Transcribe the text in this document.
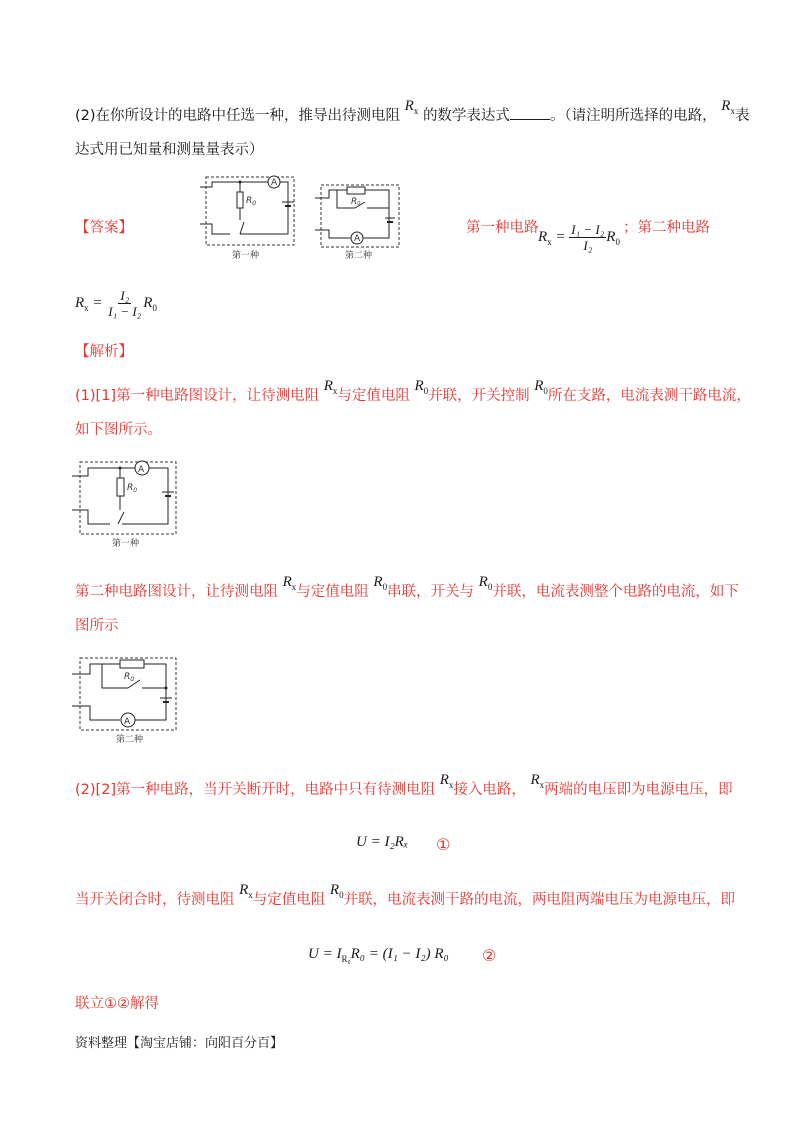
(2)在你所设计的电路中任选一种，推导出待测电阻 $R_x$ 的数学表达式	。（请注明所选择的电路， $R_x$表
达式用已知量和测量量表示）
【答案】
A
$R_0$
第一种
R0
A
第二种
第一种电路
$R_x = \frac{\text{I₁ − I₂}}{\text{I₂}} R_0$
；第二种电路
$R_x = \frac{\text{I₂}}{\text{I₁ − I₂}} R_0$
【解析】
(1)[1]第一种电路图设计，让待测电阻 $R_x$与定值电阻 $R_0$并联，开关控制 $R_0$所在支路，电流表测干路电流，
如下图所示。
A
$R_0$
第一种
第二种电路图设计，让待测电阻 $R_x$与定值电阻 $R_0$串联，开关与 $R_0$并联，电流表测整个电路的电流，如下
图所示
$R_0$
A
第二种
(2)[2]第一种电路，当开关断开时，电路中只有待测电阻 $R_x$接入电路， $R_x$两端的电压即为电源电压，即
U = I₂Rₓ ①
当开关闭合时，待测电阻 $R_x$与定值电阻 $R_0$并联，电流表测干路的电流，两电阻两端电压为电源电压，即
$U = I_{R_0}R_0 = (I_1 - I_2)$ R₀ ②
联立①②解得
资料整理【淘宝店铺：向阳百分百】
